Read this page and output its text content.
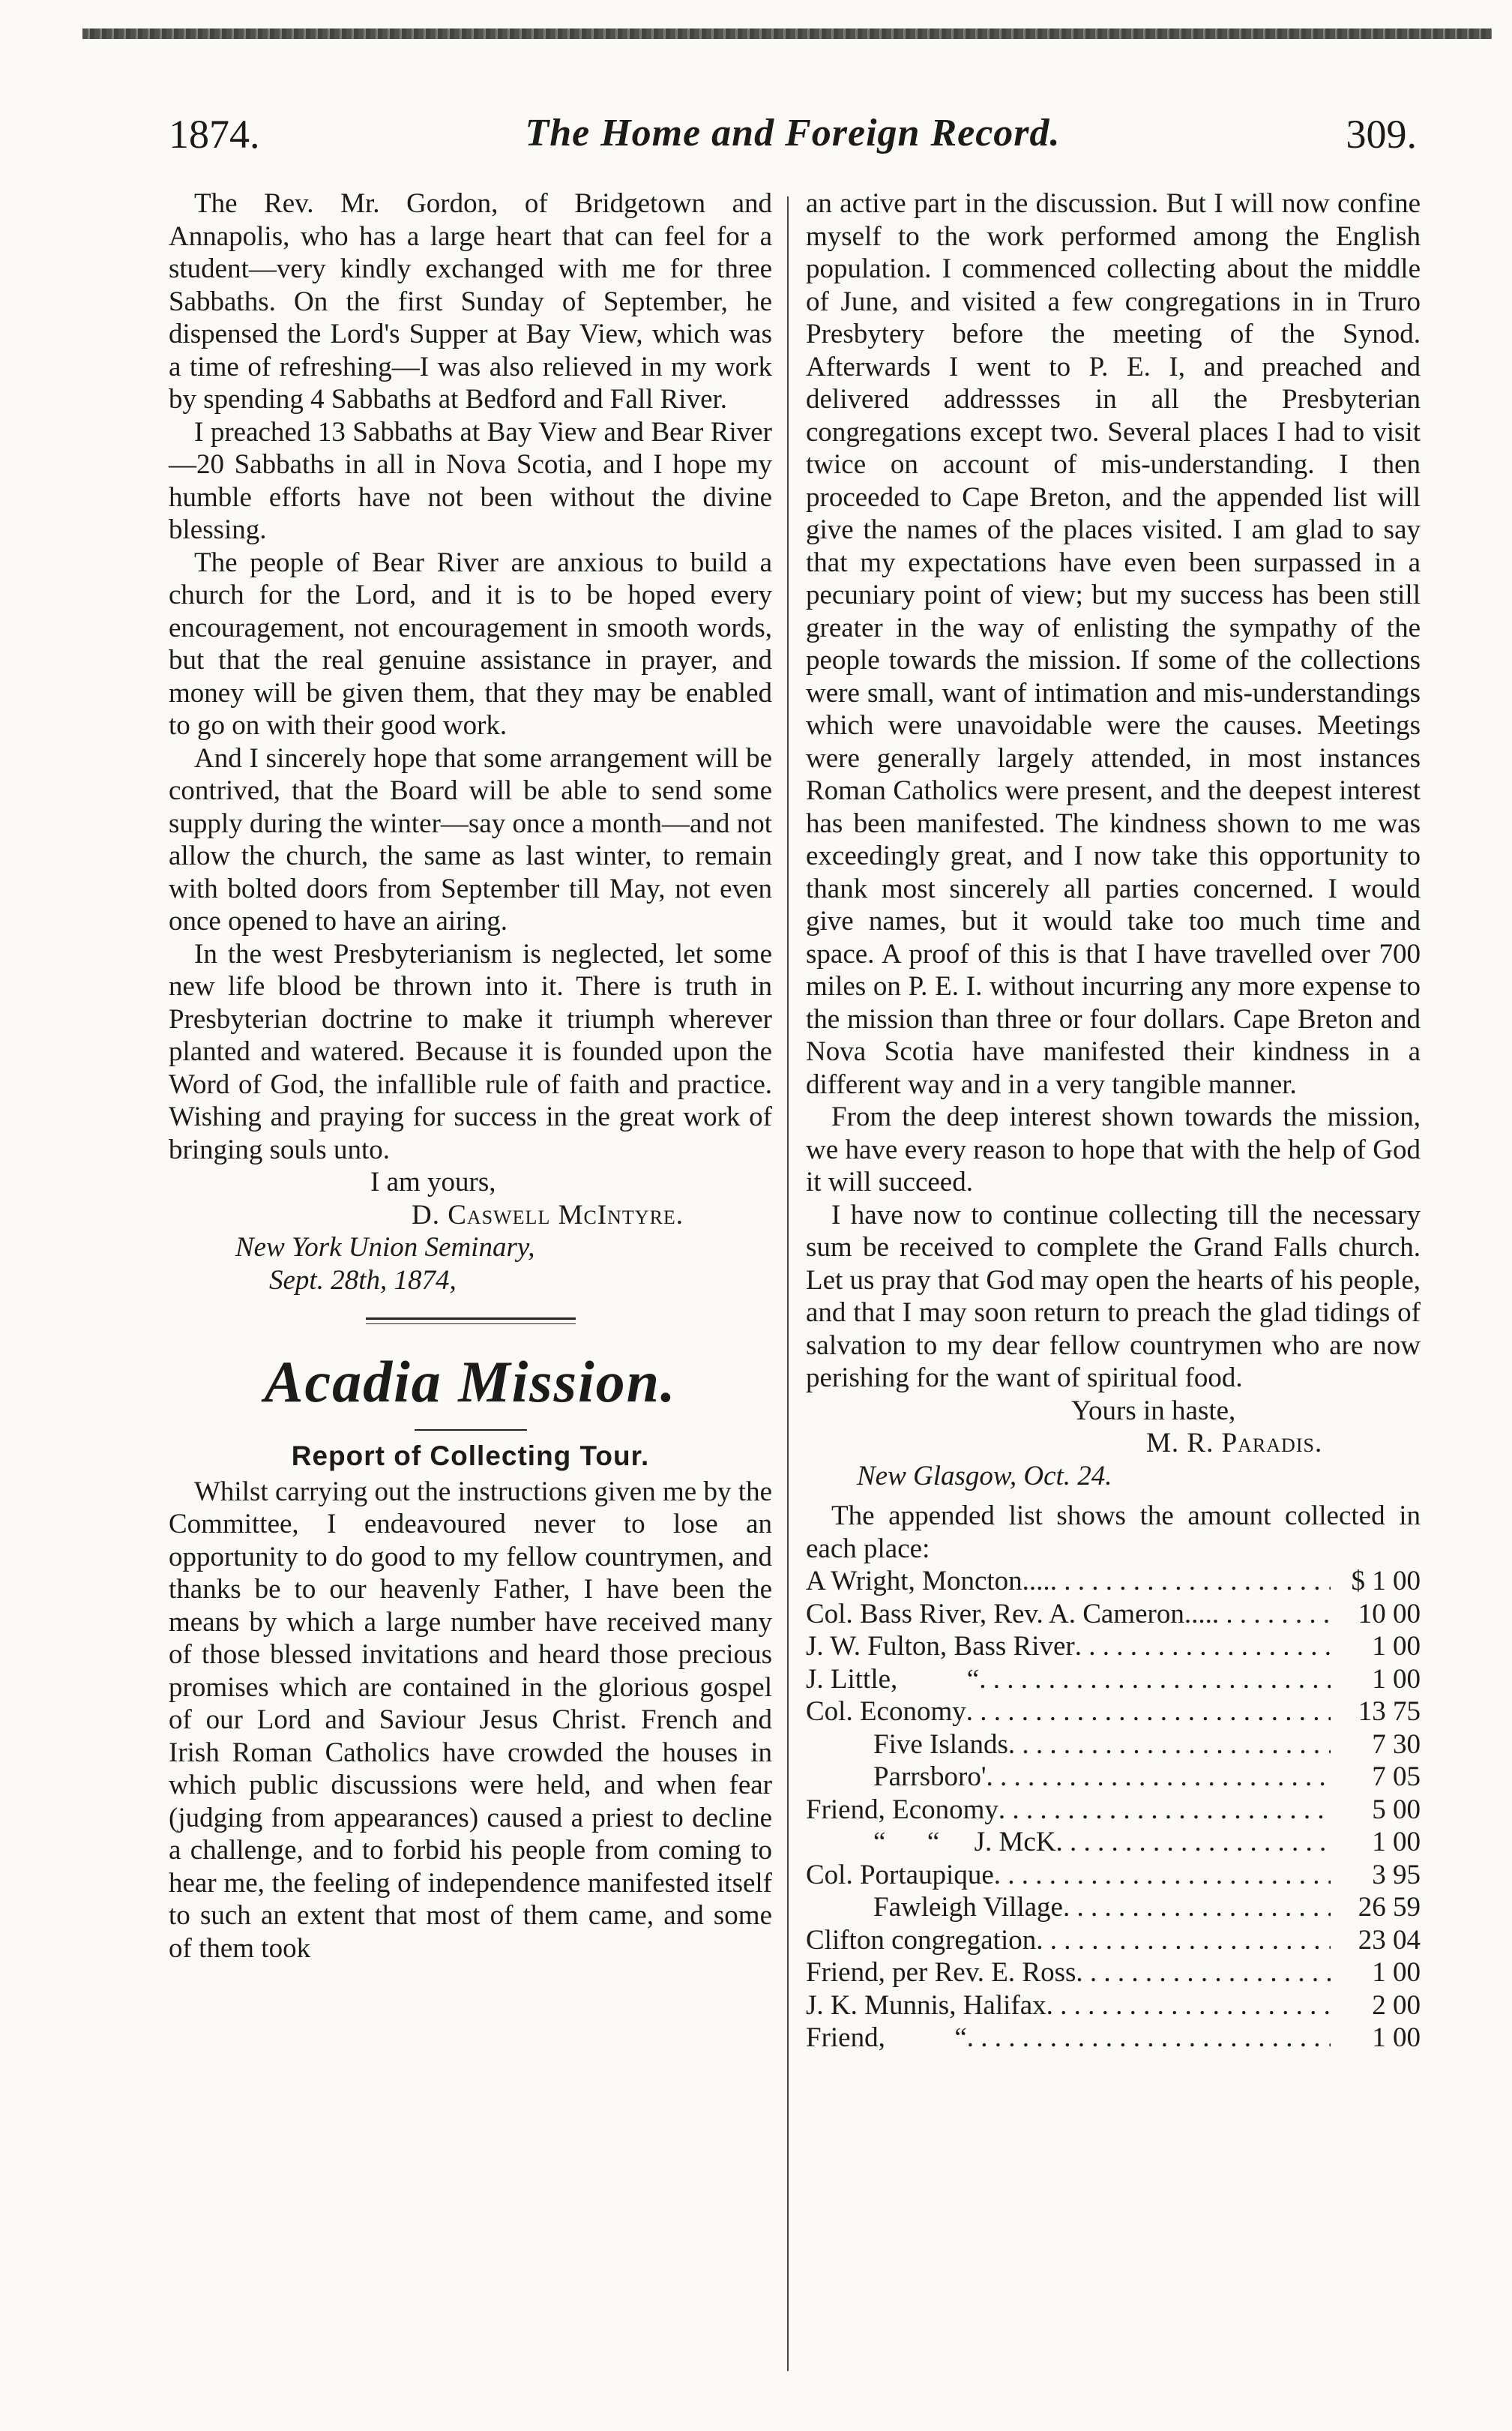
1874.	The Home and Foreign Record.	309.

The Rev. Mr. Gordon, of Bridgetown and Annapolis, who has a large heart that can feel for a student—very kindly exchanged with me for three Sabbaths. On the first Sunday of September, he dispensed the Lord's Supper at Bay View, which was a time of refreshing—I was also relieved in my work by spending 4 Sabbaths at Bedford and Fall River.

I preached 13 Sabbaths at Bay View and Bear River—20 Sabbaths in all in Nova Scotia, and I hope my humble efforts have not been without the divine blessing.

The people of Bear River are anxious to build a church for the Lord, and it is to be hoped every encouragement, not encouragement in smooth words, but that the real genuine assistance in prayer, and money will be given them, that they may be enabled to go on with their good work.

And I sincerely hope that some arrangement will be contrived, that the Board will be able to send some supply during the winter—say once a month—and not allow the church, the same as last winter, to remain with bolted doors from September till May, not even once opened to have an airing.

In the west Presbyterianism is neglected, let some new life blood be thrown into it. There is truth in Presbyterian doctrine to make it triumph wherever planted and watered. Because it is founded upon the Word of God, the infallible rule of faith and practice. Wishing and praying for success in the great work of bringing souls unto.

I am yours,

D. Caswell McIntyre.

New York Union Seminary,

Sept. 28th, 1874,

Acadia Mission.
Report of Collecting Tour.

Whilst carrying out the instructions given me by the Committee, I endeavoured never to lose an opportunity to do good to my fellow countrymen, and thanks be to our heavenly Father, I have been the means by which a large number have received many of those blessed invitations and heard those precious promises which are contained in the glorious gospel of our Lord and Saviour Jesus Christ. French and Irish Roman Catholics have crowded the houses in which public discussions were held, and when fear (judging from appearances) caused a priest to decline a challenge, and to forbid his people from coming to hear me, the feeling of independence manifested itself to such an extent that most of them came, and some of them took

an active part in the discussion. But I will now confine myself to the work performed among the English population. I commenced collecting about the middle of June, and visited a few congregations in in Truro Presbytery before the meeting of the Synod. Afterwards I went to P. E. I, and preached and delivered addressses in all the Presbyterian congregations except two. Several places I had to visit twice on account of mis-understanding. I then proceeded to Cape Breton, and the appended list will give the names of the places visited. I am glad to say that my expectations have even been surpassed in a pecuniary point of view; but my success has been still greater in the way of enlisting the sympathy of the people towards the mission. If some of the collections were small, want of intimation and mis-understandings which were unavoidable were the causes. Meetings were generally largely attended, in most instances Roman Catholics were present, and the deepest interest has been manifested. The kindness shown to me was exceedingly great, and I now take this opportunity to thank most sincerely all parties concerned. I would give names, but it would take too much time and space. A proof of this is that I have travelled over 700 miles on P. E. I. without incurring any more expense to the mission than three or four dollars. Cape Breton and Nova Scotia have manifested their kindness in a different way and in a very tangible manner.

From the deep interest shown towards the mission, we have every reason to hope that with the help of God it will succeed.

I have now to continue collecting till the necessary sum be received to complete the Grand Falls church. Let us pray that God may open the hearts of his people, and that I may soon return to preach the glad tidings of salvation to my dear fellow countrymen who are now perishing for the want of spiritual food.

Yours in haste,

M. R. Paradis.

New Glasgow, Oct. 24.

The appended list shows the amount collected in each place:

A Wright, Moncton.... . . .	$ 1 00
Col. Bass River, Rev. A. Cameron.... . . .	10 00
J. W. Fulton, Bass River . . .	1 00
J. Little,          “ . . .	1 00
Col. Economy . . .	13 75
Five Islands . . .	7 30
Parrsboro' . . .	7 05
Friend, Economy . . .	5 00
“      “     J. McK . . .	1 00
Col. Portaupique . . .	3 95
Fawleigh Village . . .	26 59
Clifton congregation . . .	23 04
Friend, per Rev. E. Ross . . .	1 00
J. K. Munnis, Halifax . . .	2 00
Friend,          “ . . .	1 00
